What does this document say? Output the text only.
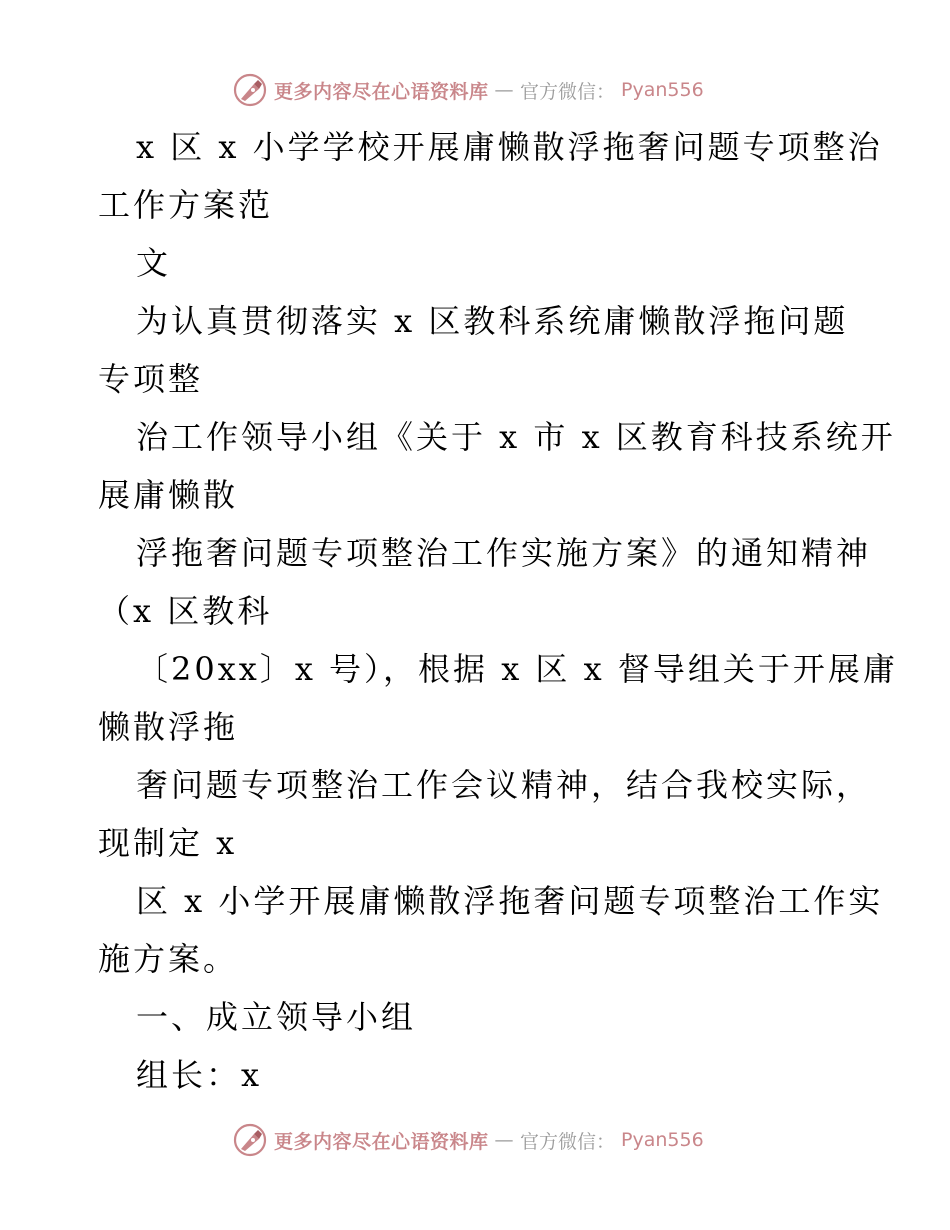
更多内容尽在心语资料库 — 官方微信： Pyan556
x 区 x 小学学校开展庸懒散浮拖奢问题专项整治
工作方案范
文
为认真贯彻落实 x 区教科系统庸懒散浮拖问题
专项整
治工作领导小组《关于 x 市 x 区教育科技系统开
展庸懒散
浮拖奢问题专项整治工作实施方案》的通知精神
（x 区教科
〔20xx〕x 号），根据 x 区 x 督导组关于开展庸
懒散浮拖
奢问题专项整治工作会议精神，结合我校实际，
现制定 x
区 x 小学开展庸懒散浮拖奢问题专项整治工作实
施方案。
一、成立领导小组
组长：x
更多内容尽在心语资料库 — 官方微信： Pyan556
